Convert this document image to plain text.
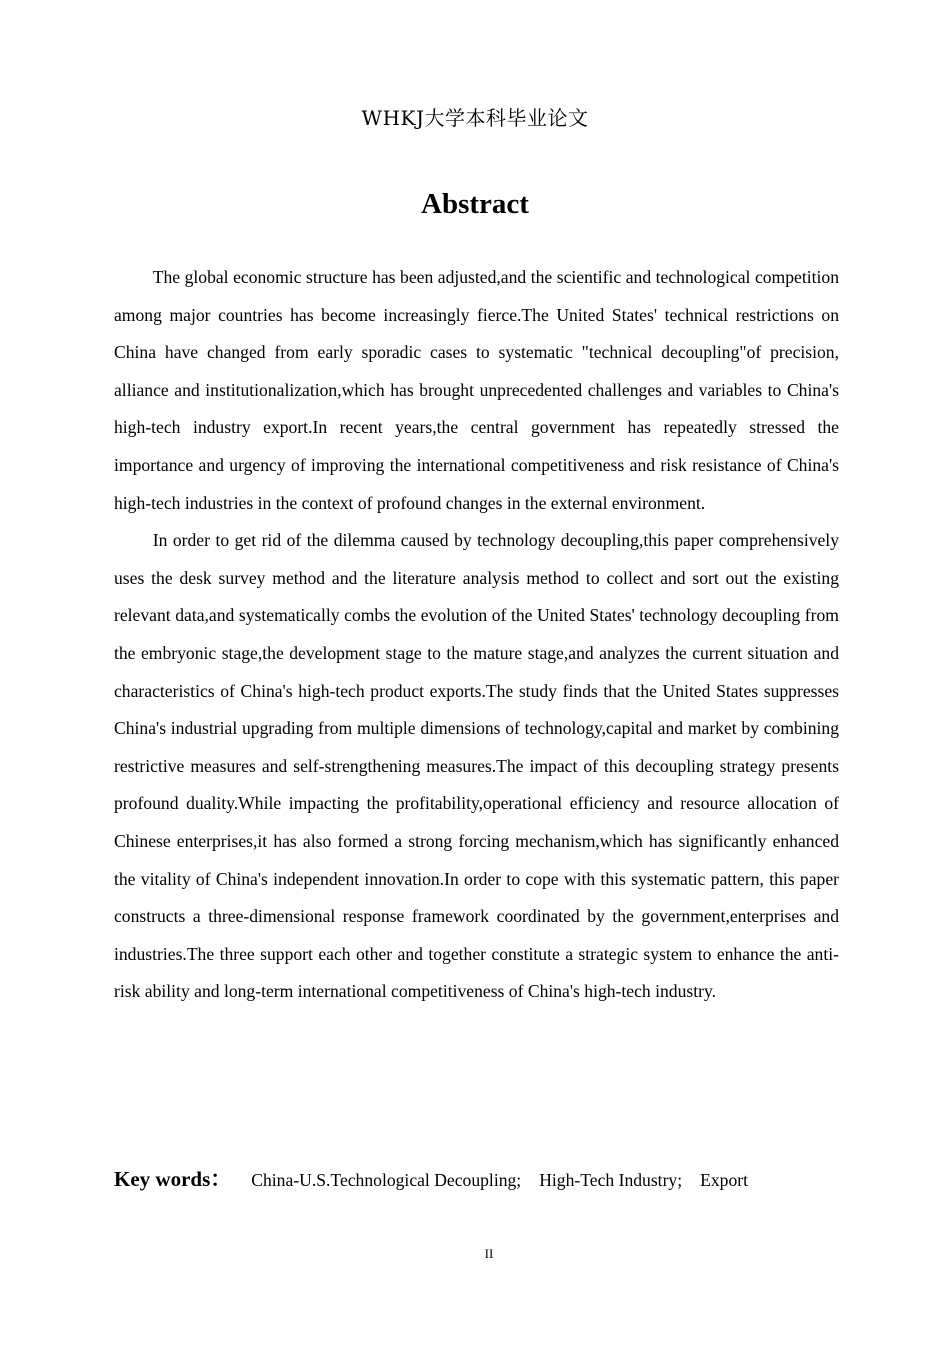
WHKJ大学本科毕业论文
Abstract

The global economic structure has been adjusted,and the scientific and technological competition among major countries has become increasingly fierce.The United States' technical restrictions on China have changed from early sporadic cases to systematic "technical decoupling"of precision, alliance and institutionalization,which has brought unprecedented challenges and variables to China's high-tech industry export.In recent years,the central government has repeatedly stressed the importance and urgency of improving the international competitiveness and risk resistance of China's high-tech industries in the context of profound changes in the external environment.

In order to get rid of the dilemma caused by technology decoupling,this paper comprehensively uses the desk survey method and the literature analysis method to collect and sort out the existing relevant data,and systematically combs the evolution of the United States' technology decoupling from the embryonic stage,the development stage to the mature stage,and analyzes the current situation and characteristics of China's high-tech product exports.The study finds that the United States suppresses China's industrial upgrading from multiple dimensions of technology,capital and market by combining restrictive measures and self-strengthening measures.The impact of this decoupling strategy presents profound duality.While impacting the profitability,operational efficiency and resource allocation of Chinese enterprises,it has also formed a strong forcing mechanism,which has significantly enhanced the vitality of China's independent innovation.In order to cope with this systematic pattern, this paper constructs a three-dimensional response framework coordinated by the government,enterprises and industries.The three support each other and together constitute a strategic system to enhance the anti-risk ability and long-term international competitiveness of China's high-tech industry.

Key words： China-U.S.Technological Decoupling; High-Tech Industry; Export
II
